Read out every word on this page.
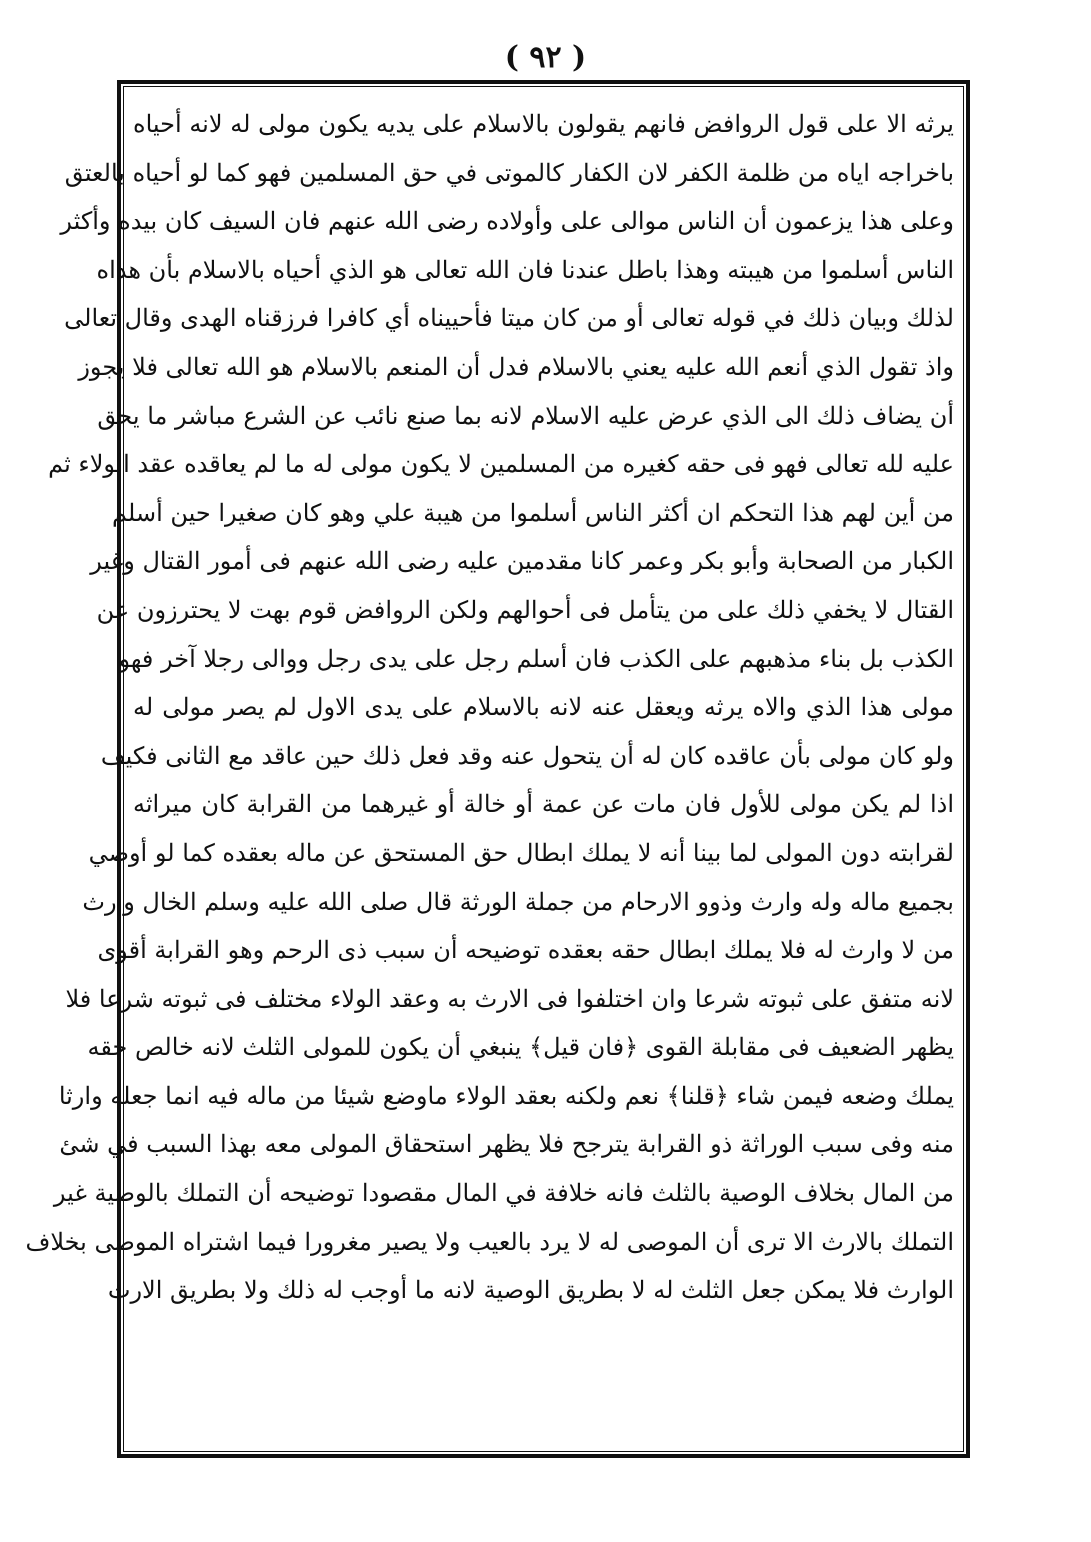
( ٩٢ )
يرثه الا على قول الروافض فانهم يقولون بالاسلام على يديه يكون مولى له لانه أحياه
باخراجه اياه من ظلمة الكفر لان الكفار كالموتى في حق المسلمين فهو كما لو أحياه بالعتق
وعلى هذا يزعمون أن الناس موالى على وأولاده رضى الله عنهم فان السيف كان بيده وأكثر
الناس أسلموا من هيبته وهذا باطل عندنا فان الله تعالى هو الذي أحياه بالاسلام بأن هداه
لذلك وبيان ذلك في قوله تعالى أو من كان ميتا فأحييناه أي كافرا فرزقناه الهدى وقال تعالى
واذ تقول الذي أنعم الله عليه يعني بالاسلام فدل أن المنعم بالاسلام هو الله تعالى فلا يجوز
أن يضاف ذلك الى الذي عرض عليه الاسلام لانه بما صنع نائب عن الشرع مباشر ما يحق
عليه لله تعالى فهو فى حقه كغيره من المسلمين لا يكون مولى له ما لم يعاقده عقد الولاء ثم
من أين لهم هذا التحكم ان أكثر الناس أسلموا من هيبة علي وهو كان صغيرا حين أسلم
الكبار من الصحابة وأبو بكر وعمر كانا مقدمين عليه رضى الله عنهم فى أمور القتال وغير
القتال لا يخفي ذلك على من يتأمل فى أحوالهم ولكن الروافض قوم بهت لا يحترزون عن
الكذب بل بناء مذهبهم على الكذب فان أسلم رجل على يدى رجل ووالى رجلا آخر فهو
مولى هذا الذي والاه يرثه ويعقل عنه لانه بالاسلام على يدى الاول لم يصر مولى له
ولو كان مولى بأن عاقده كان له أن يتحول عنه وقد فعل ذلك حين عاقد مع الثانى فكيف
اذا لم يكن مولى للأول فان مات عن عمة أو خالة أو غيرهما من القرابة كان ميراثه
لقرابته دون المولى لما بينا أنه لا يملك ابطال حق المستحق عن ماله بعقده كما لو أوصي
بجميع ماله وله وارث وذوو الارحام من جملة الورثة قال صلى الله عليه وسلم الخال وارث
من لا وارث له فلا يملك ابطال حقه بعقده توضيحه أن سبب ذى الرحم وهو القرابة أقوى
لانه متفق على ثبوته شرعا وان اختلفوا فى الارث به وعقد الولاء مختلف فى ثبوته شرعا فلا
يظهر الضعيف فى مقابلة القوى ﴿فان قيل﴾ ينبغي أن يكون للمولى الثلث لانه خالص حقه
يملك وضعه فيمن شاء ﴿قلنا﴾ نعم ولكنه بعقد الولاء ماوضع شيئا من ماله فيه انما جعله وارثا
منه وفى سبب الوراثة ذو القرابة يترجح فلا يظهر استحقاق المولى معه بهذا السبب في شئ
من المال بخلاف الوصية بالثلث فانه خلافة في المال مقصودا توضيحه أن التملك بالوصية غير
التملك بالارث الا ترى أن الموصى له لا يرد بالعيب ولا يصير مغرورا فيما اشتراه الموصى بخلاف
الوارث فلا يمكن جعل الثلث له لا بطريق الوصية لانه ما أوجب له ذلك ولا بطريق الارث
